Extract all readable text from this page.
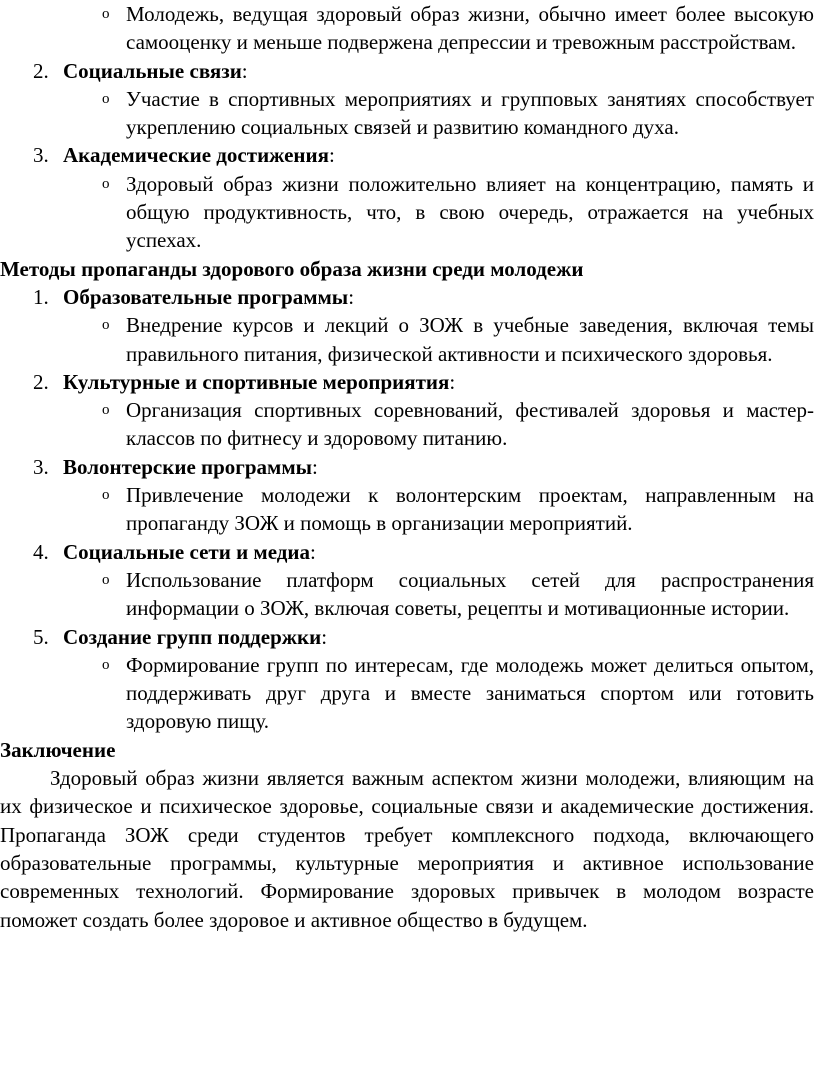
o Молодежь, ведущая здоровый образ жизни, обычно имеет более высокую самооценку и меньше подвержена депрессии и тревожным расстройствам.
2. Социальные связи:
o Участие в спортивных мероприятиях и групповых занятиях способствует укреплению социальных связей и развитию командного духа.
3. Академические достижения:
o Здоровый образ жизни положительно влияет на концентрацию, память и общую продуктивность, что, в свою очередь, отражается на учебных успехах.
Методы пропаганды здорового образа жизни среди молодежи
1. Образовательные программы:
o Внедрение курсов и лекций о ЗОЖ в учебные заведения, включая темы правильного питания, физической активности и психического здоровья.
2. Культурные и спортивные мероприятия:
o Организация спортивных соревнований, фестивалей здоровья и мастер-классов по фитнесу и здоровому питанию.
3. Волонтерские программы:
o Привлечение молодежи к волонтерским проектам, направленным на пропаганду ЗОЖ и помощь в организации мероприятий.
4. Социальные сети и медиа:
o Использование платформ социальных сетей для распространения информации о ЗОЖ, включая советы, рецепты и мотивационные истории.
5. Создание групп поддержки:
o Формирование групп по интересам, где молодежь может делиться опытом, поддерживать друг друга и вместе заниматься спортом или готовить здоровую пищу.
Заключение
Здоровый образ жизни является важным аспектом жизни молодежи, влияющим на их физическое и психическое здоровье, социальные связи и академические достижения. Пропаганда ЗОЖ среди студентов требует комплексного подхода, включающего образовательные программы, культурные мероприятия и активное использование современных технологий. Формирование здоровых привычек в молодом возрасте поможет создать более здоровое и активное общество в будущем.
